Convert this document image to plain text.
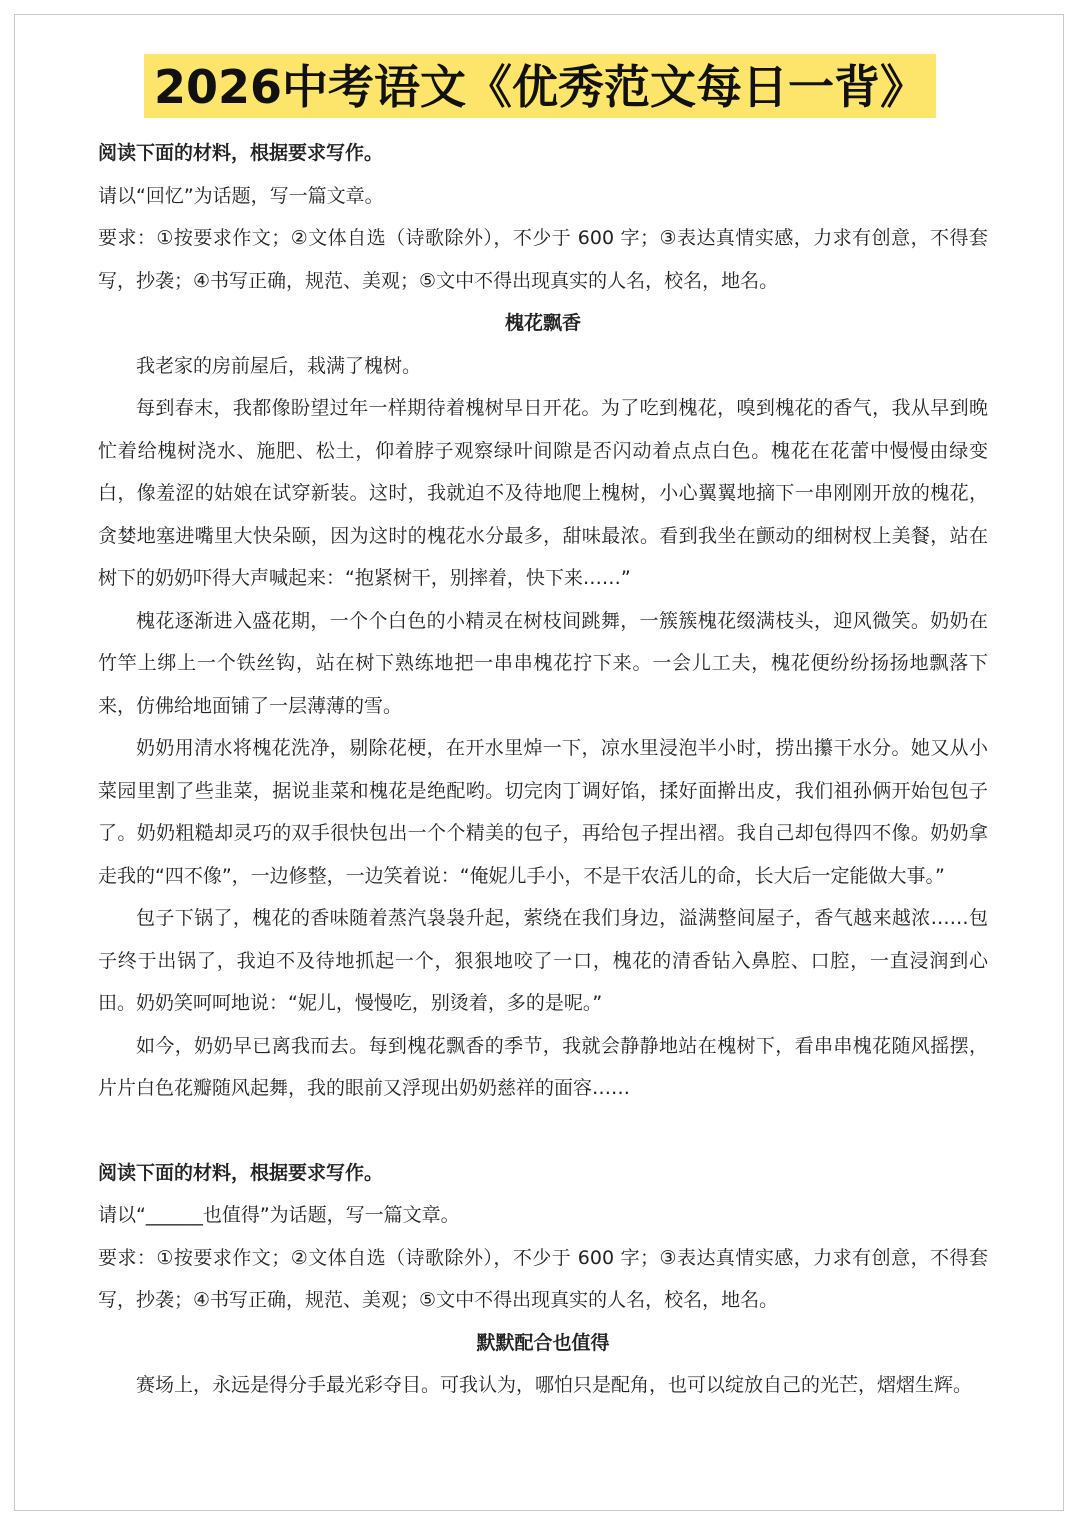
2026中考语文《优秀范文每日一背》

阅读下面的材料，根据要求写作。

请以“回忆”为话题，写一篇文章。

要求：①按要求作文；②文体自选（诗歌除外），不少于 600 字；③表达真情实感，力求有创意，不得套写，抄袭；④书写正确，规范、美观；⑤文中不得出现真实的人名，校名，地名。

槐花飘香

我老家的房前屋后，栽满了槐树。

每到春末，我都像盼望过年一样期待着槐树早日开花。为了吃到槐花，嗅到槐花的香气，我从早到晚忙着给槐树浇水、施肥、松土，仰着脖子观察绿叶间隙是否闪动着点点白色。槐花在花蕾中慢慢由绿变白，像羞涩的姑娘在试穿新装。这时，我就迫不及待地爬上槐树，小心翼翼地摘下一串刚刚开放的槐花，贪婪地塞进嘴里大快朵颐，因为这时的槐花水分最多，甜味最浓。看到我坐在颤动的细树杈上美餐，站在树下的奶奶吓得大声喊起来：“抱紧树干，别摔着，快下来……”

槐花逐渐进入盛花期，一个个白色的小精灵在树枝间跳舞，一簇簇槐花缀满枝头，迎风微笑。奶奶在竹竿上绑上一个铁丝钩，站在树下熟练地把一串串槐花拧下来。一会儿工夫，槐花便纷纷扬扬地飘落下来，仿佛给地面铺了一层薄薄的雪。

奶奶用清水将槐花洗净，剔除花梗，在开水里焯一下，凉水里浸泡半小时，捞出攥干水分。她又从小菜园里割了些韭菜，据说韭菜和槐花是绝配哟。切完肉丁调好馅，揉好面擀出皮，我们祖孙俩开始包包子了。奶奶粗糙却灵巧的双手很快包出一个个精美的包子，再给包子捏出褶。我自己却包得四不像。奶奶拿走我的“四不像”，一边修整，一边笑着说：“俺妮儿手小，不是干农活儿的命，长大后一定能做大事。”

包子下锅了，槐花的香味随着蒸汽袅袅升起，萦绕在我们身边，溢满整间屋子，香气越来越浓……包子终于出锅了，我迫不及待地抓起一个，狠狠地咬了一口，槐花的清香钻入鼻腔、口腔，一直浸润到心田。奶奶笑呵呵地说：“妮儿，慢慢吃，别烫着，多的是呢。”

如今，奶奶早已离我而去。每到槐花飘香的季节，我就会静静地站在槐树下，看串串槐花随风摇摆，片片白色花瓣随风起舞，我的眼前又浮现出奶奶慈祥的面容……

阅读下面的材料，根据要求写作。

请以“______也值得”为话题，写一篇文章。

要求：①按要求作文；②文体自选（诗歌除外），不少于 600 字；③表达真情实感，力求有创意，不得套写，抄袭；④书写正确，规范、美观；⑤文中不得出现真实的人名，校名，地名。

默默配合也值得

赛场上，永远是得分手最光彩夺目。可我认为，哪怕只是配角，也可以绽放自己的光芒，熠熠生辉。
